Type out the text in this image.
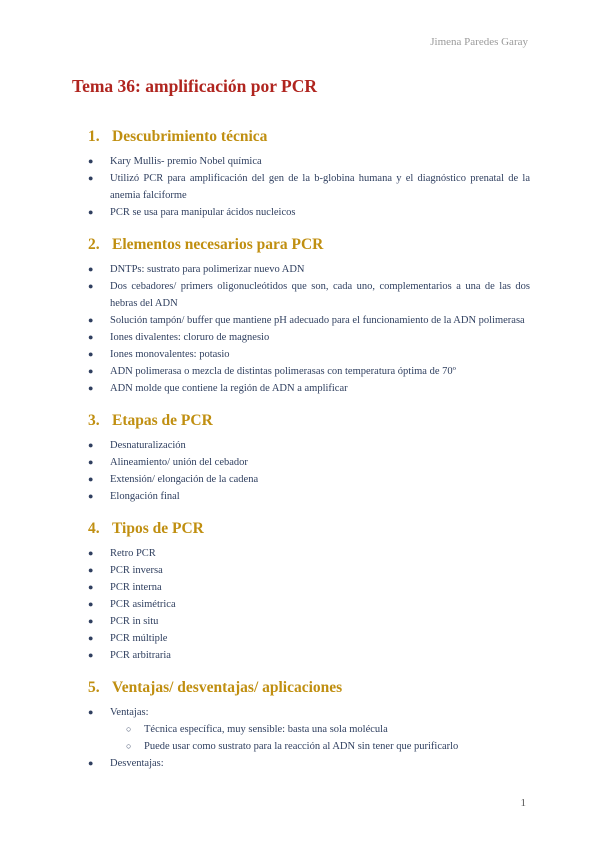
Jimena Paredes Garay
Tema 36: amplificación por PCR
1. Descubrimiento técnica
● Kary Mullis- premio Nobel química
● Utilizó PCR para amplificación del gen de la b-globina humana y el diagnóstico prenatal de la anemia falciforme
● PCR se usa para manipular ácidos nucleicos
2. Elementos necesarios para PCR
● DNTPs: sustrato para polimerizar nuevo ADN
● Dos cebadores/ primers oligonucleótidos que son, cada uno, complementarios a una de las dos hebras del ADN
● Solución tampón/ buffer que mantiene pH adecuado para el funcionamiento de la ADN polimerasa
● Iones divalentes: cloruro de magnesio
● Iones monovalentes: potasio
● ADN polimerasa o mezcla de distintas polimerasas con temperatura óptima de 70º
● ADN molde que contiene la región de ADN a amplificar
3. Etapas de PCR
● Desnaturalización
● Alineamiento/ unión del cebador
● Extensión/ elongación de la cadena
● Elongación final
4. Tipos de PCR
● Retro PCR
● PCR inversa
● PCR interna
● PCR asimétrica
● PCR in situ
● PCR múltiple
● PCR arbitraria
5. Ventajas/ desventajas/ aplicaciones
● Ventajas:
○ Técnica específica, muy sensible: basta una sola molécula
○ Puede usar como sustrato para la reacción al ADN sin tener que purificarlo
● Desventajas:
1
